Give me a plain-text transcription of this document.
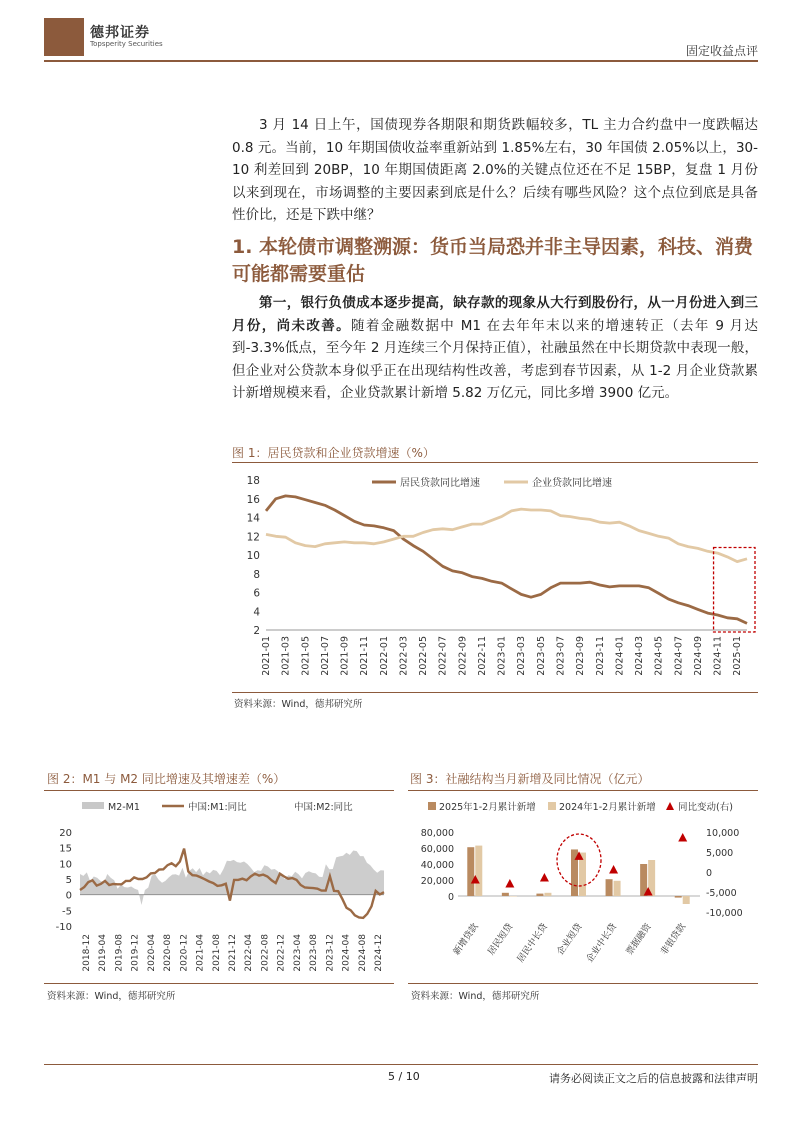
德邦证券
Topsperity Securities	固定收益点评

3 月 14 日上午，国债现券各期限和期货跌幅较多，TL 主力合约盘中一度跌幅达 0.8 元。当前，10 年期国债收益率重新站到 1.85%左右，30 年国债 2.05%以上，30-10 利差回到 20BP，10 年期国债距离 2.0%的关键点位还在不足 15BP，复盘 1 月份以来到现在，市场调整的主要因素到底是什么？后续有哪些风险？这个点位到底是具备性价比，还是下跌中继？

1. 本轮债市调整溯源：货币当局恐并非主导因素，科技、消费可能都需要重估

第一，银行负债成本逐步提高，缺存款的现象从大行到股份行，从一月份进入到三月份，尚未改善。随着金融数据中 M1 在去年年末以来的增速转正（去年 9 月达到-3.3%低点，至今年 2 月连续三个月保持正值），社融虽然在中长期贷款中表现一般，但企业对公贷款本身似乎正在出现结构性改善，考虑到春节因素，从 1-2 月企业贷款累计新增规模来看，企业贷款累计新增 5.82 万亿元，同比多增 3900 亿元。

图 1：居民贷款和企业贷款增速（%）
2
4
6
8
10
12
14
16
18
2021-01 2021-03 2021-05 2021-07 2021-09 2021-11 2022-01 2022-03 2022-05 2022-07 2022-09 2022-11 2023-01 2023-03 2023-05 2023-07 2023-09 2023-11 2024-01 2024-03 2024-05 2024-07 2024-09 2024-11 2025-01
居民贷款同比增速	企业贷款同比增速
资料来源：Wind，德邦研究所
图 2：M1 与 M2 同比增速及其增速差（%）
-10
-5
0
5
10
15
20
2018-12 2019-04 2019-08 2019-12 2020-04 2020-08 2020-12 2021-04 2021-08 2021-12 2022-04 2022-08 2022-12 2023-04 2023-08 2023-12 2024-04 2024-08 2024-12
M2-M1	中国:M1:同比	中国:M2:同比
资料来源：Wind，德邦研究所
图 3：社融结构当月新增及同比情况（亿元）
0
20,000
40,000
60,000
80,000
-10,000
-5,000
0
5,000
10,000
新增贷款 居民短贷 居民中长贷 企业短贷 企业中长贷 票据融资 非银贷款
2025年1-2月累计新增 2024年1-2月累计新增 同比变动(右)
资料来源：Wind，德邦研究所
5 / 10	请务必阅读正文之后的信息披露和法律声明
